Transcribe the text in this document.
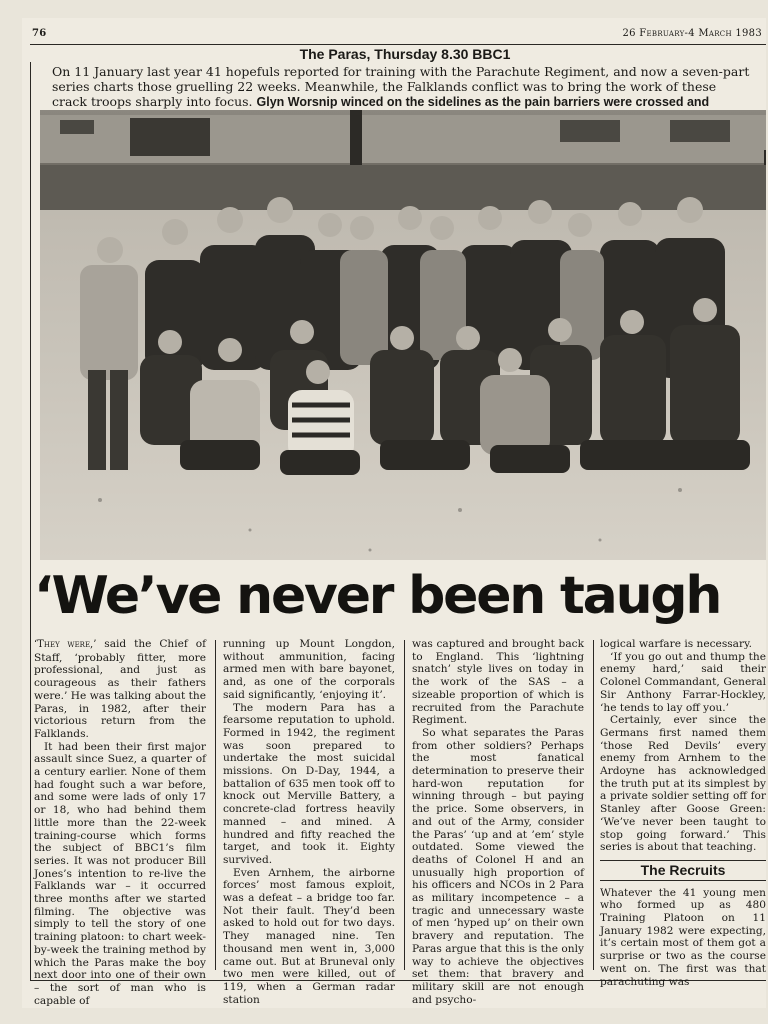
76	26 February-4 March 1983
The Paras, Thursday 8.30 BBC1
On 11 January last year 41 hopefuls reported for training with the Parachute Regiment, and now a seven-part series charts those gruelling 22 weeks. Meanwhile, the Falklands conflict was to bring the work of these crack troops sharply into focus. Glyn Worsnip winced on the sidelines as the pain barriers were crossed and
‘We’ve never been taugh

‘They were,’ said the Chief of Staff, ‘probably fitter, more professional, and just as courageous as their fathers were.’ He was talking about the Paras, in 1982, after their victorious return from the Falklands.

It had been their first major assault since Suez, a quarter of a century earlier. None of them had fought such a war before, and some were lads of only 17 or 18, who had behind them little more than the 22-week training-course which forms the subject of BBC1’s film series. It was not producer Bill Jones’s intention to re-live the Falklands war – it occurred three months after we started filming. The objective was simply to tell the story of one training platoon: to chart week-by-week the training method by which the Paras make the boy next door into one of their own – the sort of man who is capable of

running up Mount Longdon, without ammunition, facing armed men with bare bayonet, and, as one of the corporals said significantly, ‘enjoying it’.

The modern Para has a fearsome reputation to uphold. Formed in 1942, the regiment was soon prepared to undertake the most suicidal missions. On D-Day, 1944, a battalion of 635 men took off to knock out Merville Battery, a concrete-clad fortress heavily manned – and mined. A hundred and fifty reached the target, and took it. Eighty survived.

Even Arnhem, the airborne forces’ most famous exploit, was a defeat – a bridge too far. Not their fault. They’d been asked to hold out for two days. They managed nine. Ten thousand men went in, 3,000 came out. But at Bruneval only two men were killed, out of 119, when a German radar station

was captured and brought back to England. This ‘lightning snatch’ style lives on today in the work of the SAS – a sizeable proportion of which is recruited from the Parachute Regiment.

So what separates the Paras from other soldiers? Perhaps the most fanatical determination to preserve their hard-won reputation for winning through – but paying the price. Some observers, in and out of the Army, consider the Paras’ ‘up and at ’em’ style outdated. Some viewed the deaths of Colonel H and an unusually high proportion of his officers and NCOs in 2 Para as military incompetence – a tragic and unnecessary waste of men ‘hyped up’ on their own bravery and reputation. The Paras argue that this is the only way to achieve the objectives set them: that bravery and military skill are not enough and psycho-

logical warfare is necessary.

‘If you go out and thump the enemy hard,’ said their Colonel Commandant, General Sir Anthony Farrar-Hockley, ‘he tends to lay off you.’

Certainly, ever since the Germans first named them ‘those Red Devils’ every enemy from Arnhem to the Ardoyne has acknowledged the truth put at its simplest by a private soldier setting off for Stanley after Goose Green: ‘We’ve never been taught to stop going forward.’ This series is about that teaching.

The Recruits

Whatever the 41 young men who formed up as 480 Training Platoon on 11 January 1982 were expecting, it’s certain most of them got a surprise or two as the course went on. The first was that parachuting was
